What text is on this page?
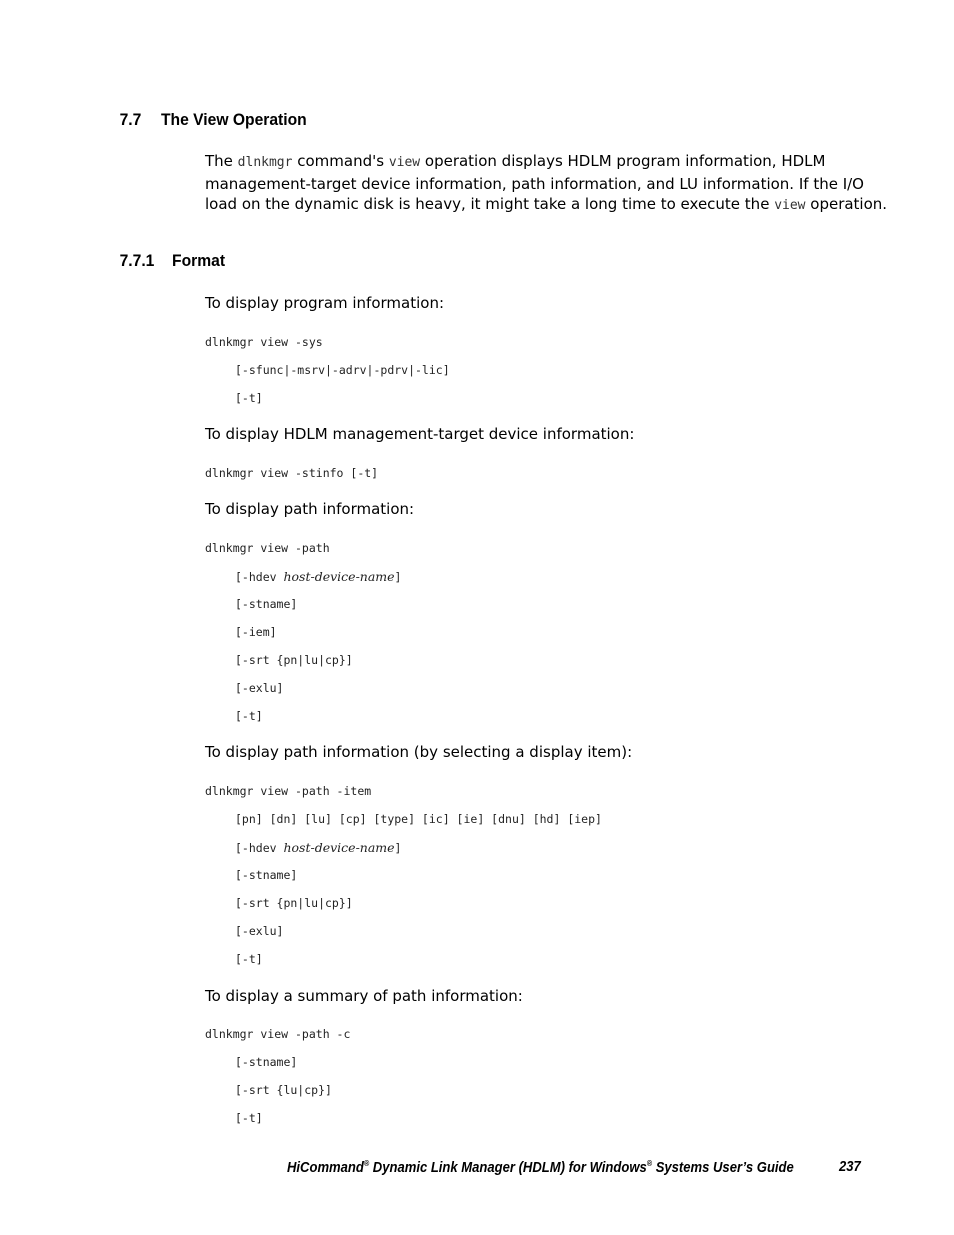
7.7 The View Operation
The dlnkmgr command's view operation displays HDLM program information, HDLM
management-target device information, path information, and LU information. If the I/O
load on the dynamic disk is heavy, it might take a long time to execute the view operation.
7.7.1 Format
To display program information:
dlnkmgr view -sys
[-sfunc|-msrv|-adrv|-pdrv|-lic]
[-t]
To display HDLM management-target device information:
dlnkmgr view -stinfo [-t]
To display path information:
dlnkmgr view -path
[-hdev host-device-name]
[-stname]
[-iem]
[-srt {pn|lu|cp}]
[-exlu]
[-t]
To display path information (by selecting a display item):
dlnkmgr view -path -item
[pn] [dn] [lu] [cp] [type] [ic] [ie] [dnu] [hd] [iep]
[-hdev host-device-name]
[-stname]
[-srt {pn|lu|cp}]
[-exlu]
[-t]
To display a summary of path information:
dlnkmgr view -path -c
[-stname]
[-srt {lu|cp}]
[-t]
HiCommand® Dynamic Link Manager (HDLM) for Windows® Systems User’s Guide	237
